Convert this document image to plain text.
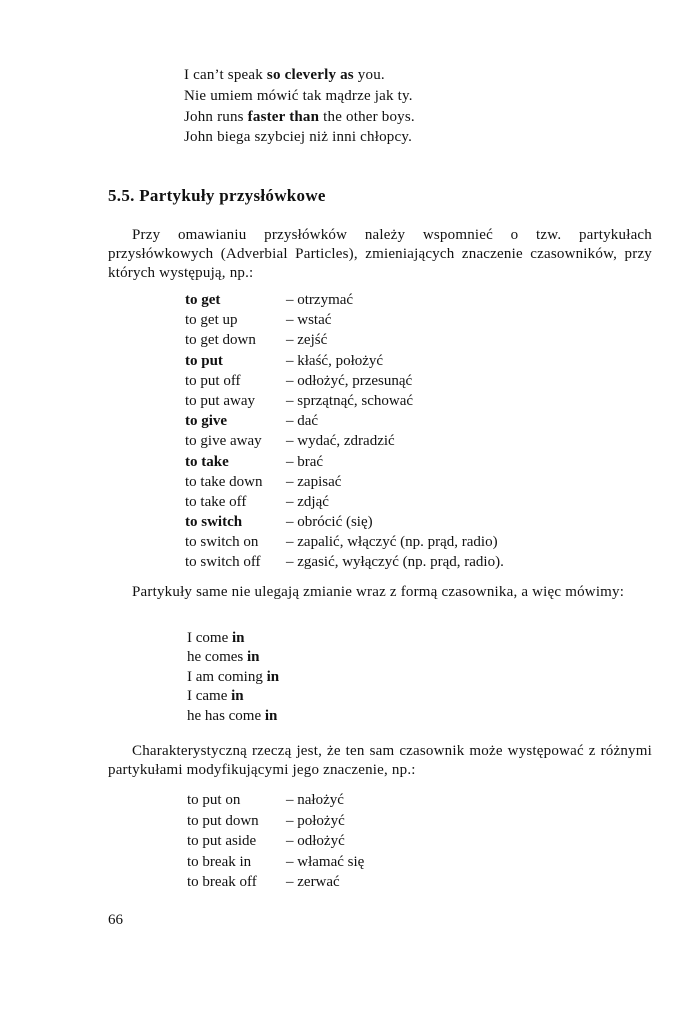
I can’t speak so cleverly as you.
Nie umiem mówić tak mądrze jak ty.
John runs faster than the other boys.
John biega szybciej niż inni chłopcy.
5.5. Partykuły przysłówkowe
Przy omawianiu przysłówków należy wspomnieć o tzw. partykułach przysłówkowych (Adverbial Particles), zmieniających znaczenie czasowników, przy których występują, np.:
to get	– otrzymać
to get up	– wstać
to get down – zejść
to put	– kłaść, położyć
to put off	– odłożyć, przesunąć
to put away – sprzątnąć, schować
to give	– dać
to give away – wydać, zdradzić
to take	– brać
to take down – zapisać
to take off	– zdjąć
to switch	– obrócić (się)
to switch on – zapalić, włączyć (np. prąd, radio)
to switch off – zgasić, wyłączyć (np. prąd, radio).
Partykuły same nie ulegają zmianie wraz z formą czasownika, a więc mówimy:
I come in
he comes in
I am coming in
I came in
he has come in
Charakterystyczną rzeczą jest, że ten sam czasownik może występować z różnymi partykułami modyfikującymi jego znaczenie, np.:
to put on	– nałożyć
to put down – położyć
to put aside – odłożyć
to break in – włamać się
to break off – zerwać
66
